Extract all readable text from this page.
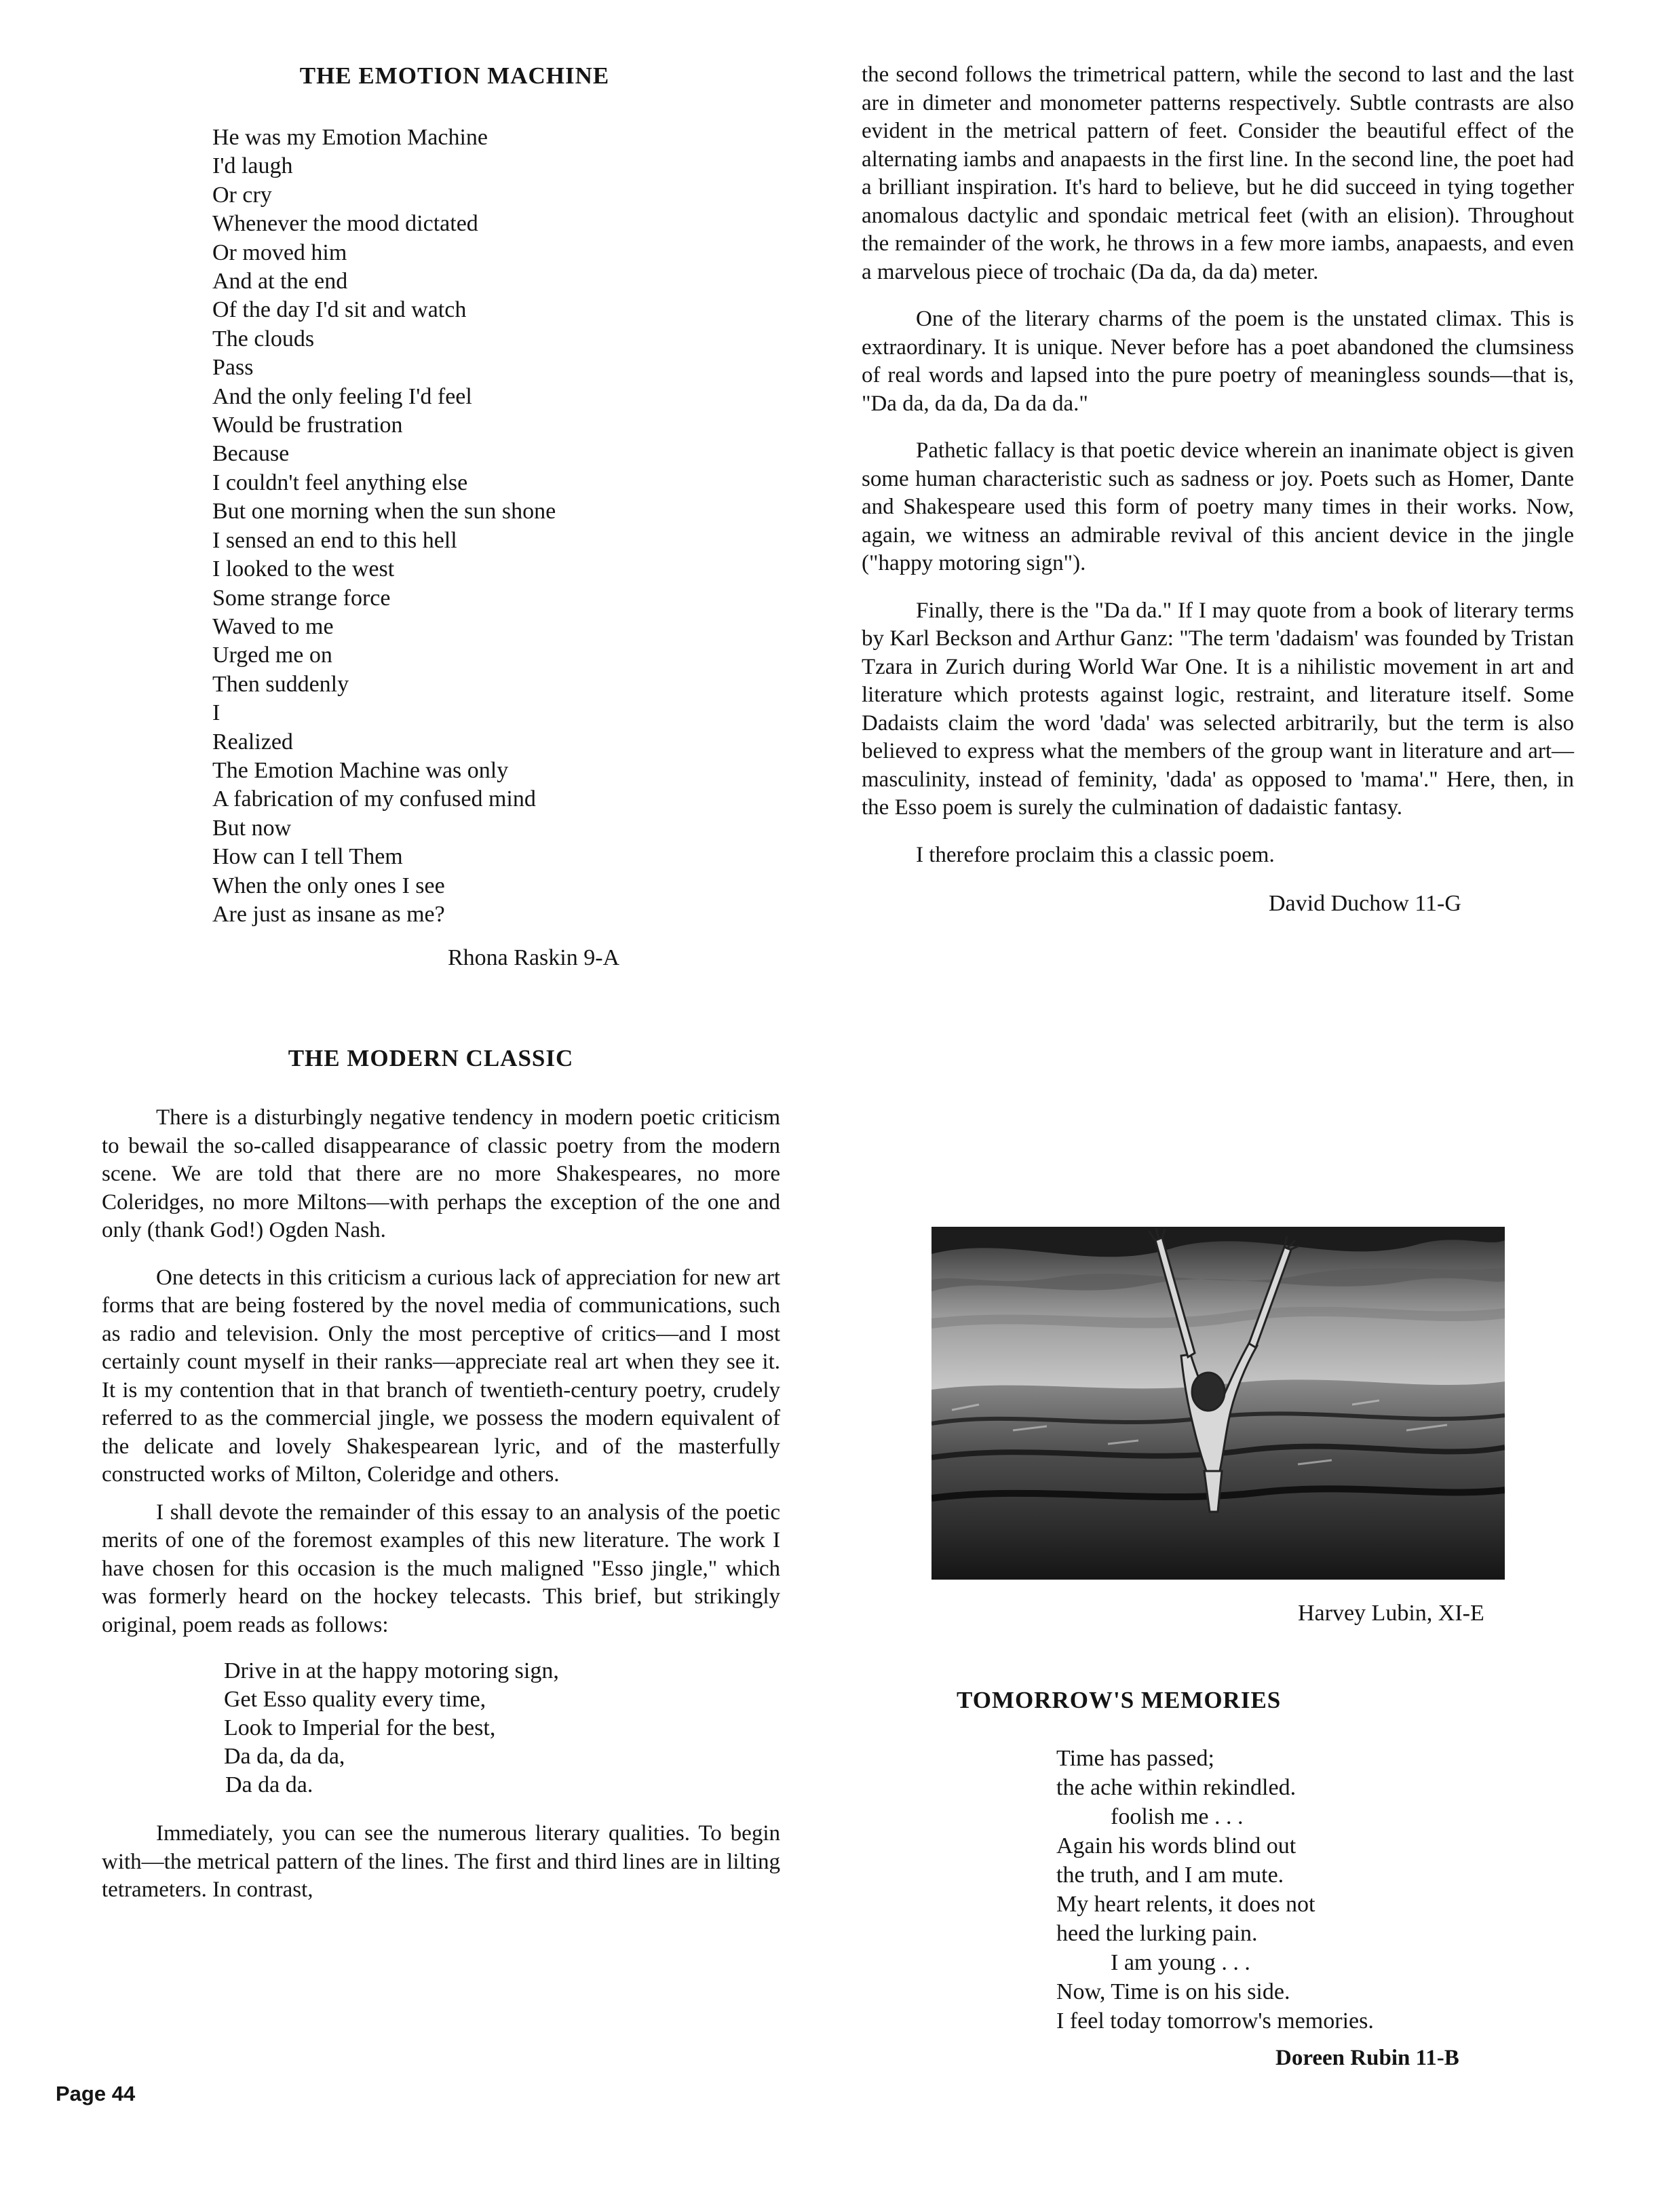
THE EMOTION MACHINE
He was my Emotion Machine
I'd laugh
Or cry
Whenever the mood dictated
Or moved him
And at the end
Of the day I'd sit and watch
The clouds
Pass
And the only feeling I'd feel
Would be frustration
Because
I couldn't feel anything else
But one morning when the sun shone
I sensed an end to this hell
I looked to the west
Some strange force
Waved to me
Urged me on
Then suddenly
I
Realized
The Emotion Machine was only
A fabrication of my confused mind
But now
How can I tell Them
When the only ones I see
Are just as insane as me?

Rhona Raskin 9-A

THE MODERN CLASSIC

There is a disturbingly negative tendency in modern poetic criticism to bewail the so-called disappearance of classic poetry from the modern scene. We are told that there are no more Shakespeares, no more Coleridges, no more Miltons—with perhaps the exception of the one and only (thank God!) Ogden Nash.

One detects in this criticism a curious lack of appreciation for new art forms that are being fostered by the novel media of communications, such as radio and television. Only the most perceptive of critics—and I most certainly count myself in their ranks—appreciate real art when they see it. It is my contention that in that branch of twentieth-century poetry, crudely referred to as the commercial jingle, we possess the modern equivalent of the delicate and lovely Shakespearean lyric, and of the masterfully constructed works of Milton, Coleridge and others.

I shall devote the remainder of this essay to an analysis of the poetic merits of one of the foremost examples of this new literature. The work I have chosen for this occasion is the much maligned "Esso jingle," which was formerly heard on the hockey telecasts. This brief, but strikingly original, poem reads as follows:

Drive in at the happy motoring sign,
Get Esso quality every time,
Look to Imperial for the best,
Da da, da da,
Da da da.

Immediately, you can see the numerous literary qualities. To begin with—the metrical pattern of the lines. The first and third lines are in lilting tetrameters. In contrast,

the second follows the trimetrical pattern, while the second to last and the last are in dimeter and monometer patterns respectively. Subtle contrasts are also evident in the metrical pattern of feet. Consider the beautiful effect of the alternating iambs and anapaests in the first line. In the second line, the poet had a brilliant inspiration. It's hard to believe, but he did succeed in tying together anomalous dactylic and spondaic metrical feet (with an elision). Throughout the remainder of the work, he throws in a few more iambs, anapaests, and even a marvelous piece of trochaic (Da da, da da) meter.

One of the literary charms of the poem is the unstated climax. This is extraordinary. It is unique. Never before has a poet abandoned the clumsiness of real words and lapsed into the pure poetry of meaningless sounds—that is, "Da da, da da, Da da da."

Pathetic fallacy is that poetic device wherein an inanimate object is given some human characteristic such as sadness or joy. Poets such as Homer, Dante and Shakespeare used this form of poetry many times in their works. Now, again, we witness an admirable revival of this ancient device in the jingle ("happy motoring sign").

Finally, there is the "Da da." If I may quote from a book of literary terms by Karl Beckson and Arthur Ganz: "The term 'dadaism' was founded by Tristan Tzara in Zurich during World War One. It is a nihilistic movement in art and literature which protests against logic, restraint, and literature itself. Some Dadaists claim the word 'dada' was selected arbitrarily, but the term is also believed to express what the members of the group want in literature and art—masculinity, instead of feminity, 'dada' as opposed to 'mama'." Here, then, in the Esso poem is surely the culmination of dadaistic fantasy.

I therefore proclaim this a classic poem.

David Duchow 11-G

Harvey Lubin, XI-E

TOMORROW'S MEMORIES
Time has passed;
the ache within rekindled.
foolish me . . .
Again his words blind out
the truth, and I am mute.
My heart relents, it does not
heed the lurking pain.
I am young . . .
Now, Time is on his side.
I feel today tomorrow's memories.

Doreen Rubin 11-B

Page 44
